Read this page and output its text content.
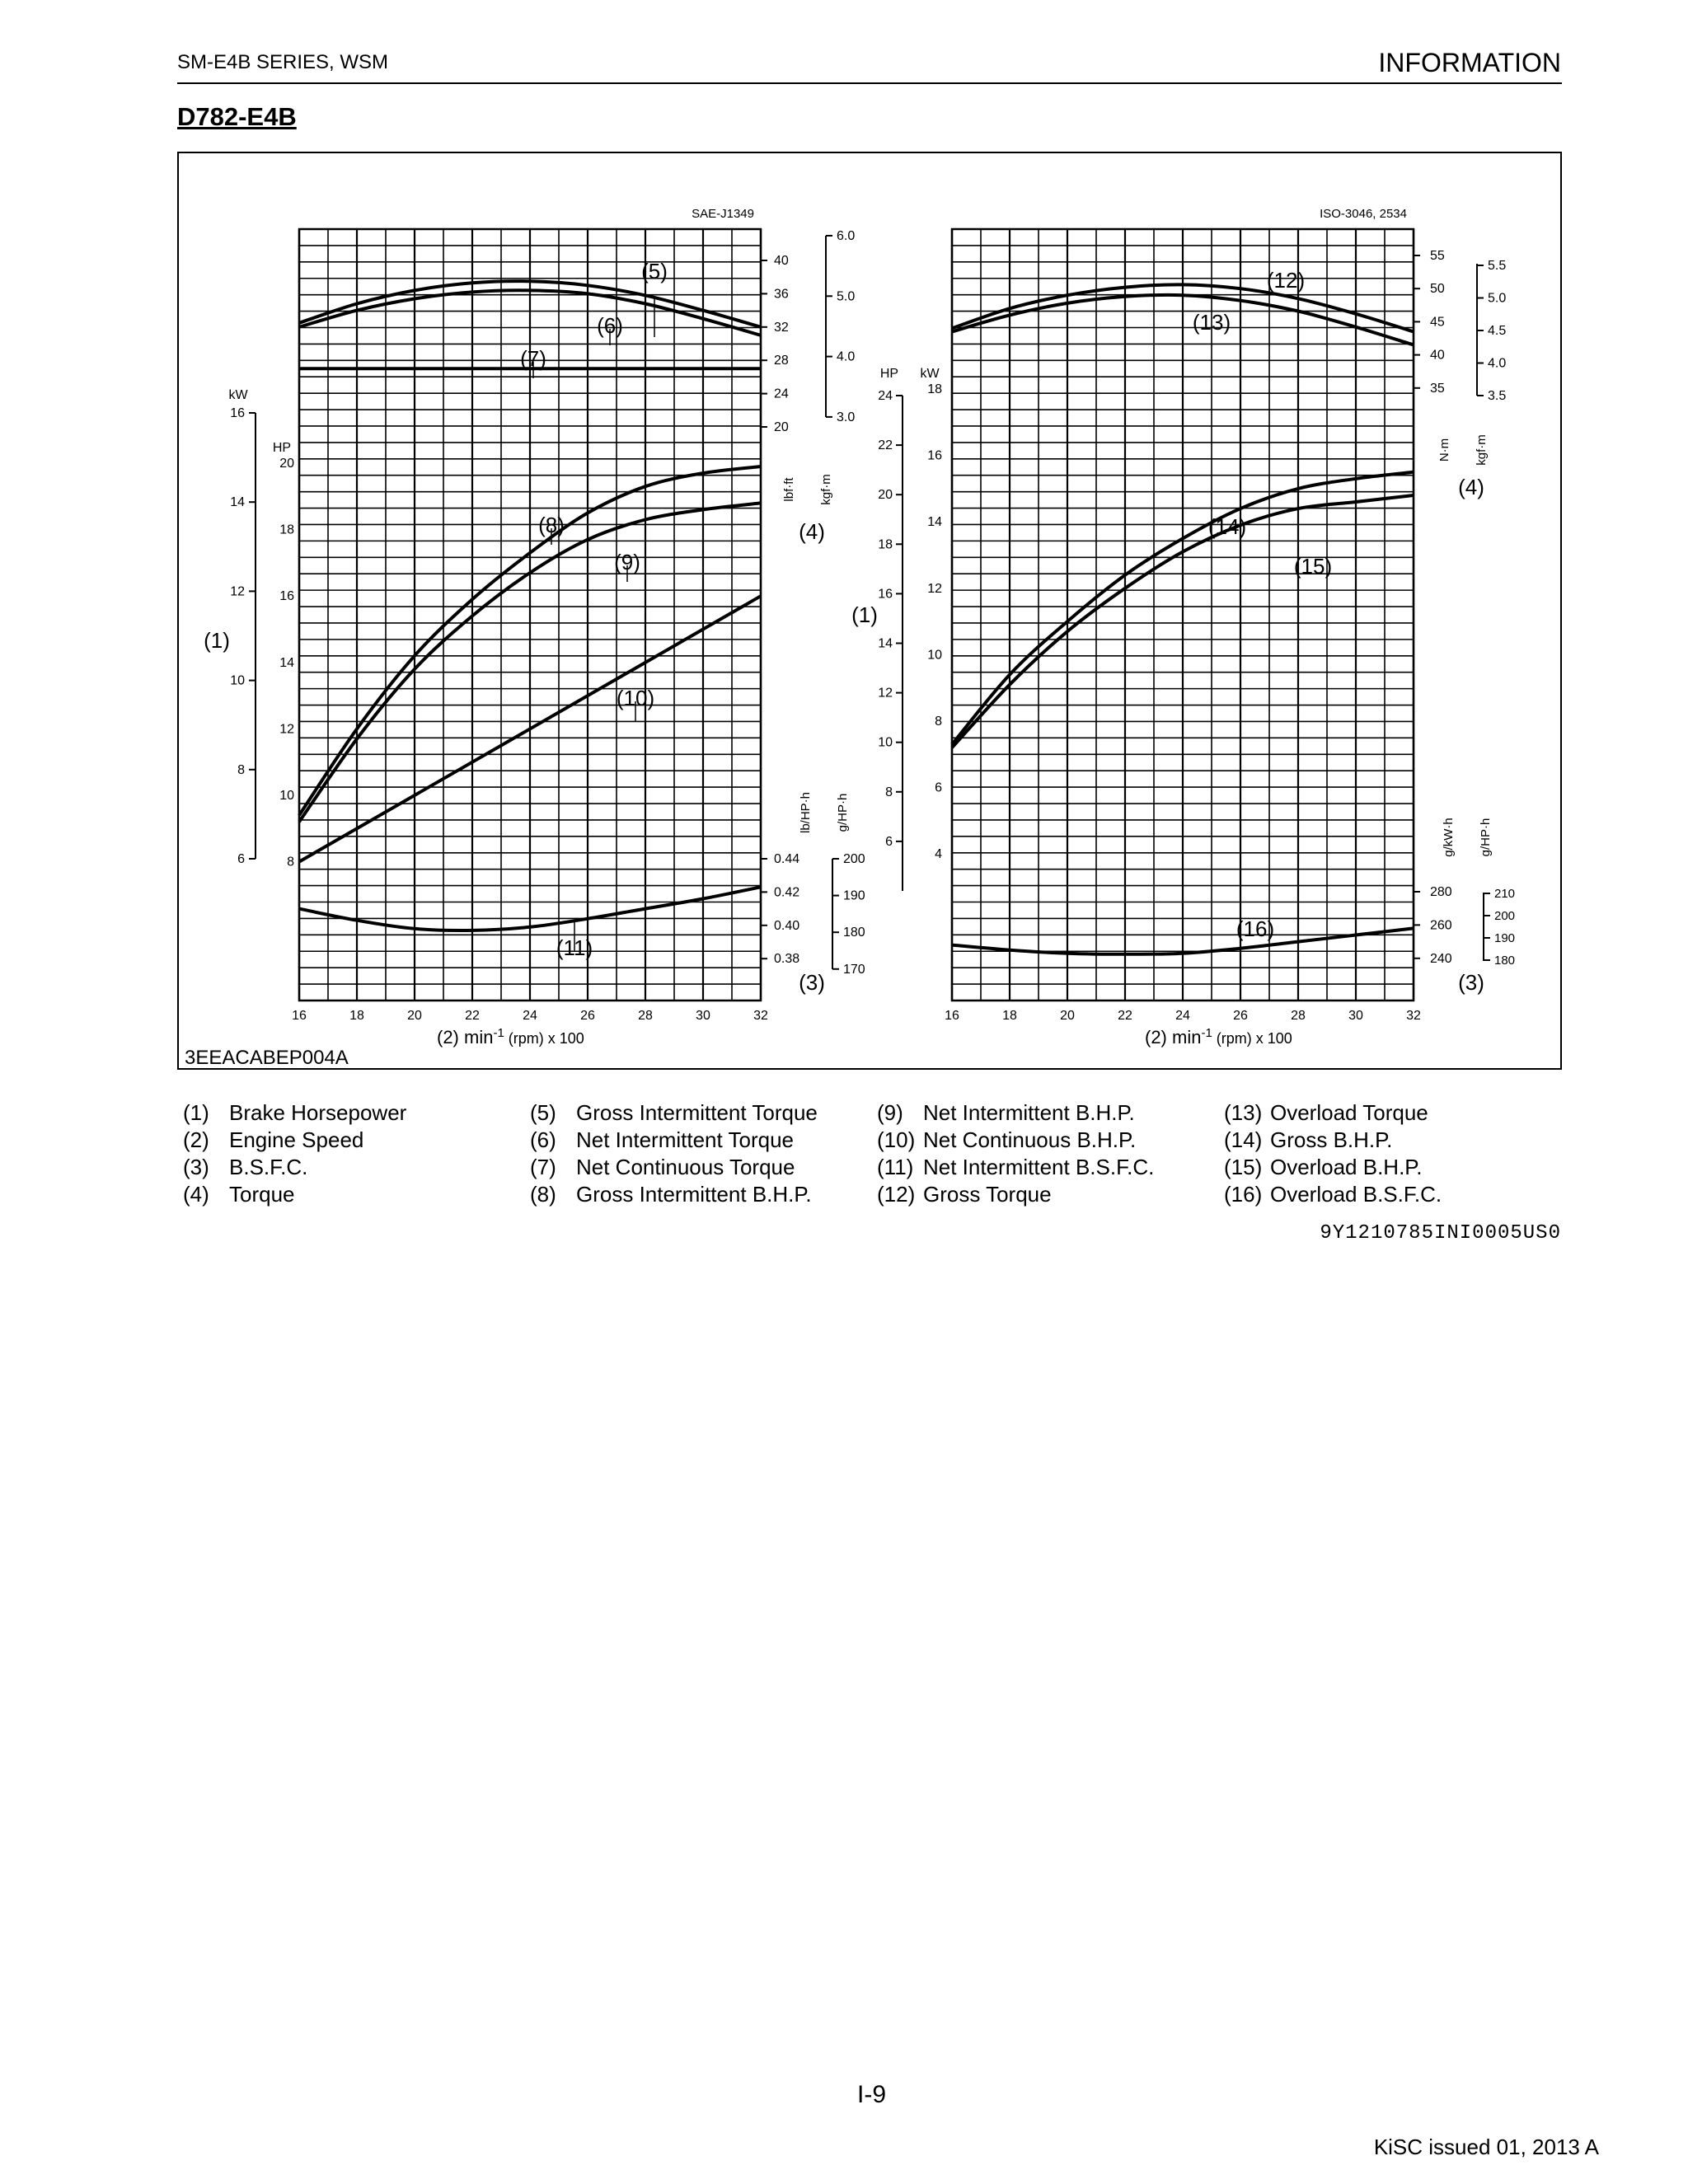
SM-E4B SERIES, WSM	INFORMATION
D782-E4B
SAE-J1349
16	18	20	22	24	26	28	30	32
(2) $\min^{-1} (rpm)$ x 100
kW
16
14
12
10
8
6
HP
20
18
16
14
12
10
8
(1)
40
36
32
28
24
20
6.0
5.0
4.0
3.0
lbf·ft kgf·m
(4)
0.44
0.42
0.40
0.38
200
190
180
170
lb/HP·h g/HP·h
(3)
(5)
(6)
(7)
(8)
(9)
(10)
(11)
ISO-3046, 2534
16	18	20	22	24	26	28	30	32
(2) $\min^{-1} (rpm)$ x 100
HP
24
22
20
18
16
14
12
10
8
6
kW
18
16
14
12
10
8
6
4
(1)
55
50
45
40
35
5.5
5.0
4.5
4.0
3.5
N·m kgf·m
(4)
280
260
240
210
200
190
180
g/kW·h g/HP·h
(3)
(12)
(13)
(14)
(15)
(16)
3EEACABEP004A
(1) Brake Horsepower
(2) Engine Speed
(3) B.S.F.C.
(4) Torque
(5) Gross Intermittent Torque
(6) Net Intermittent Torque
(7) Net Continuous Torque
(8) Gross Intermittent B.H.P.
(9) Net Intermittent B.H.P.
(10) Net Continuous B.H.P.
(11) Net Intermittent B.S.F.C.
(12) Gross Torque
(13) Overload Torque
(14) Gross B.H.P.
(15) Overload B.H.P.
(16) Overload B.S.F.C.
9Y1210785INI0005US0
I-9
KiSC issued 01, 2013 A
